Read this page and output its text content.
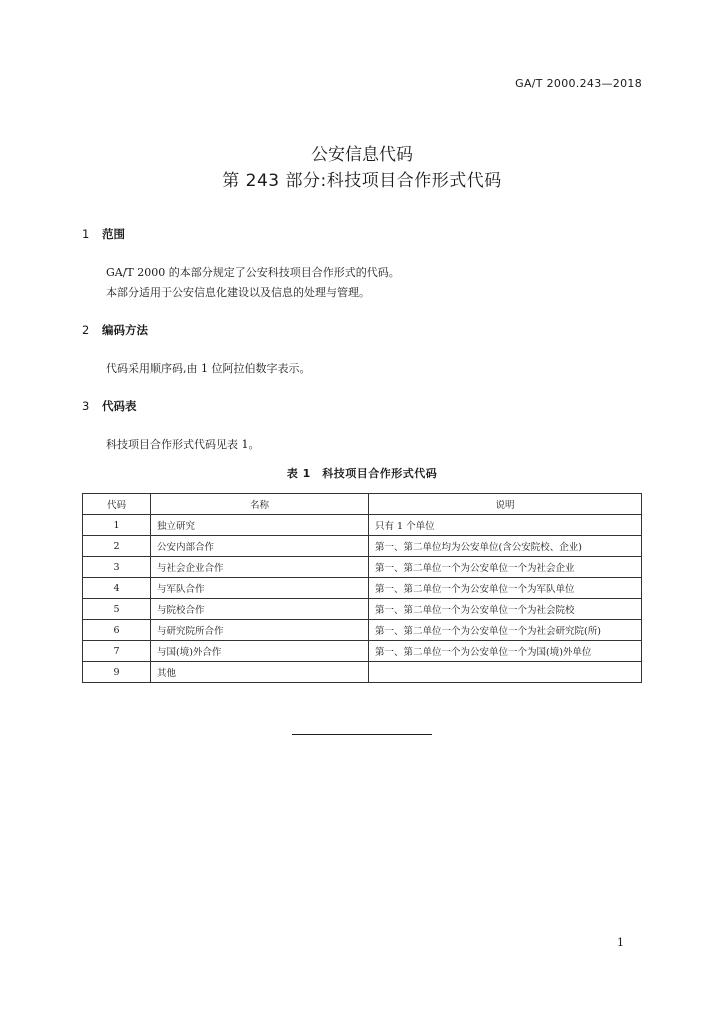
GA/T 2000.243—2018
公安信息代码
第 243 部分:科技项目合作形式代码
1 范围
GA/T 2000 的本部分规定了公安科技项目合作形式的代码。
本部分适用于公安信息化建设以及信息的处理与管理。
2 编码方法
代码采用顺序码,由 1 位阿拉伯数字表示。
3 代码表
科技项目合作形式代码见表 1。
表 1　科技项目合作形式代码
代码	名称	说明
1	独立研究	只有 1 个单位
2	公安内部合作	第一、第二单位均为公安单位(含公安院校、企业)
3	与社会企业合作	第一、第二单位一个为公安单位一个为社会企业
4	与军队合作	第一、第二单位一个为公安单位一个为军队单位
5	与院校合作	第一、第二单位一个为公安单位一个为社会院校
6	与研究院所合作	第一、第二单位一个为公安单位一个为社会研究院(所)
7	与国(境)外合作	第一、第二单位一个为公安单位一个为国(境)外单位
9	其他	
1
